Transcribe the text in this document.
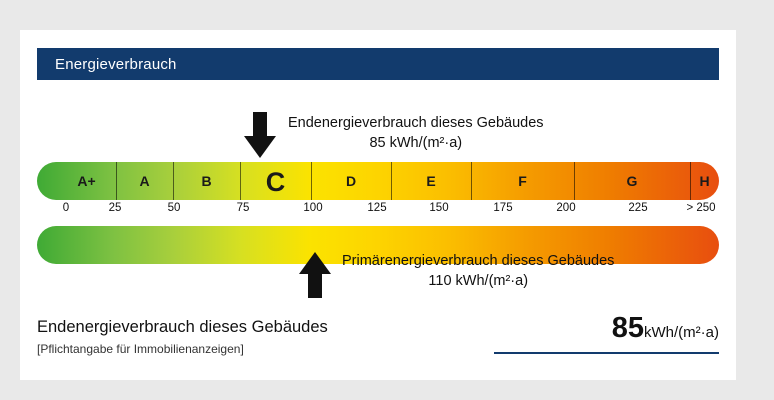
Energieverbrauch
A+	A	B	C	D	E	F	G	H
0	25	50	75	100	125	150	175	200	225	> 250
Endenergieverbrauch dieses Gebäudes
85 kWh/(m²·a)
Primärenergieverbrauch dieses Gebäudes
110 kWh/(m²·a)
Endenergieverbrauch dieses Gebäudes
[Pflichtangabe für Immobilienanzeigen]
85kWh/(m²·a)
